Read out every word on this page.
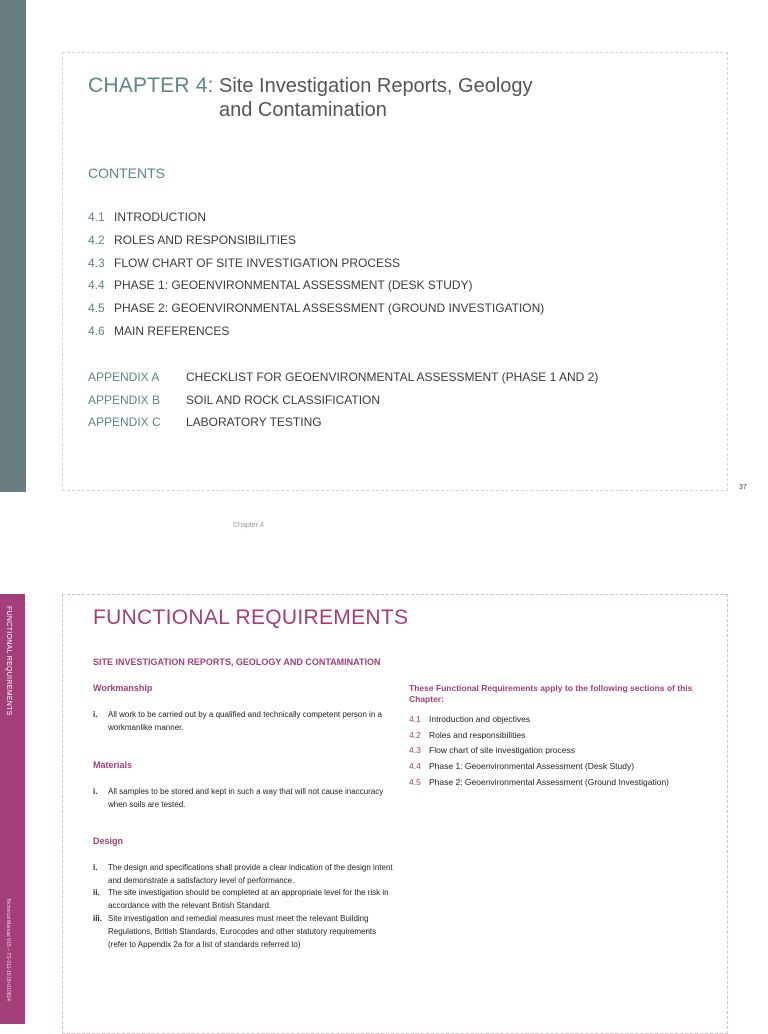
CHAPTER 4: Site Investigation Reports, Geology
and Contamination
CONTENTS
4.1 INTRODUCTION
4.2 ROLES AND RESPONSIBILITIES
4.3 FLOW CHART OF SITE INVESTIGATION PROCESS
4.4 PHASE 1: GEOENVIRONMENTAL ASSESSMENT (DESK STUDY)
4.5 PHASE 2: GEOENVIRONMENTAL ASSESSMENT (GROUND INVESTIGATION)
4.6 MAIN REFERENCES
APPENDIX A CHECKLIST FOR GEOENVIRONMENTAL ASSESSMENT (PHASE 1 AND 2)
APPENDIX B SOIL AND ROCK CLASSIFICATION
APPENDIX C LABORATORY TESTING
37
Chapter 4
FUNCTIONAL REQUIREMENTS
Technical Manual V15 – TS-011-15.00-010814
FUNCTIONAL REQUIREMENTS
SITE INVESTIGATION REPORTS, GEOLOGY AND CONTAMINATION
Workmanship
i.	All work to be carried out by a qualified and technically competent person in a workmanlike manner.
Materials
i.	All samples to be stored and kept in such a way that will not cause inaccuracy when soils are tested.
Design
i.	The design and specifications shall provide a clear indication of the design intent and demonstrate a satisfactory level of performance.
ii.	The site investigation should be completed at an appropriate level for the risk in accordance with the relevant British Standard.
iii. Site investigation and remedial measures must meet the relevant Building Regulations, British Standards, Eurocodes and other statutory requirements (refer to Appendix 2a for a list of standards referred to)
These Functional Requirements apply to the following sections of this Chapter:
4.1 Introduction and objectives
4.2 Roles and responsibilities
4.3 Flow chart of site investigation process
4.4 Phase 1: Geoenvironmental Assessment (Desk Study)
4.5 Phase 2: Geoenvironmental Assessment (Ground Investigation)
